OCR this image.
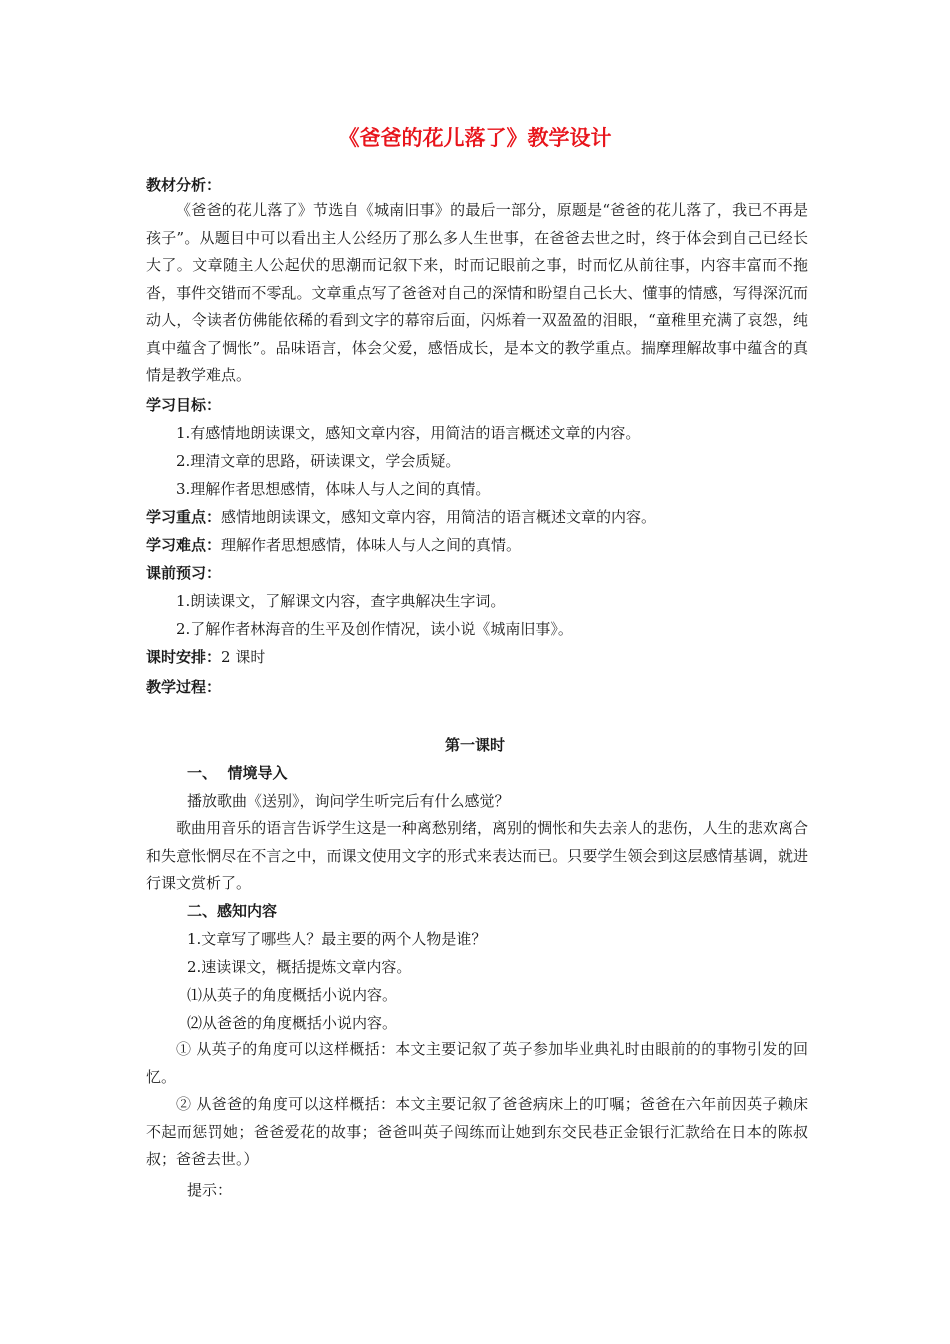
《爸爸的花儿落了》教学设计
教材分析：

《爸爸的花儿落了》节选自《城南旧事》的最后一部分，原题是“爸爸的花儿落了，我已不再是孩子”。从题目中可以看出主人公经历了那么多人生世事，在爸爸去世之时，终于体会到自己已经长大了。文章随主人公起伏的思潮而记叙下来，时而记眼前之事，时而忆从前往事，内容丰富而不拖沓，事件交错而不零乱。文章重点写了爸爸对自己的深情和盼望自己长大、懂事的情感，写得深沉而动人，令读者仿佛能依稀的看到文字的幕帘后面，闪烁着一双盈盈的泪眼，“童稚里充满了哀怨，纯真中蕴含了惆怅”。品味语言，体会父爱，感悟成长，是本文的教学重点。揣摩理解故事中蕴含的真情是教学难点。

学习目标：
1.有感情地朗读课文，感知文章内容，用简洁的语言概述文章的内容。
2.理清文章的思路，研读课文，学会质疑。
3.理解作者思想感情，体味人与人之间的真情。
学习重点：感情地朗读课文，感知文章内容，用简洁的语言概述文章的内容。
学习难点：理解作者思想感情，体味人与人之间的真情。
课前预习：
1.朗读课文，了解课文内容，查字典解决生字词。
2.了解作者林海音的生平及创作情况，读小说《城南旧事》。
课时安排：2 课时
教学过程：
第一课时
一、  情境导入
播放歌曲《送别》，询问学生听完后有什么感觉？

歌曲用音乐的语言告诉学生这是一种离愁别绪，离别的惆怅和失去亲人的悲伤，人生的悲欢离合和失意怅惘尽在不言之中，而课文使用文字的形式来表达而已。只要学生领会到这层感情基调，就进行课文赏析了。

二、感知内容
1.文章写了哪些人？最主要的两个人物是谁？
2.速读课文，概括提炼文章内容。
⑴从英子的角度概括小说内容。
⑵从爸爸的角度概括小说内容。

① 从英子的角度可以这样概括：本文主要记叙了英子参加毕业典礼时由眼前的的事物引发的回忆。

② 从爸爸的角度可以这样概括：本文主要记叙了爸爸病床上的叮嘱；爸爸在六年前因英子赖床不起而惩罚她；爸爸爱花的故事；爸爸叫英子闯练而让她到东交民巷正金银行汇款给在日本的陈叔叔；爸爸去世。）

提示：
